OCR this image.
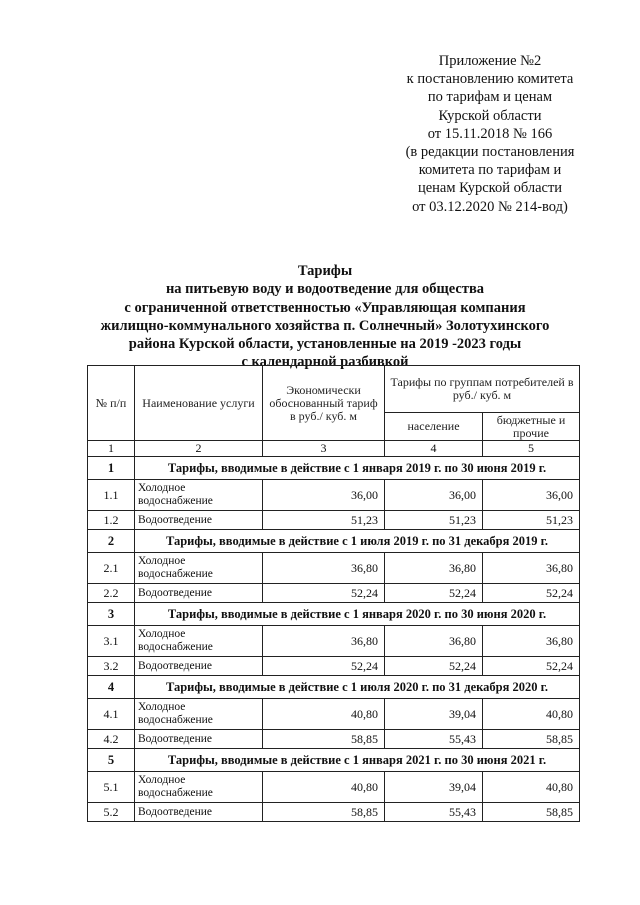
Приложение №2
к постановлению комитета
по тарифам и ценам
Курской области
от 15.11.2018 № 166
(в редакции постановления
комитета по тарифам и
ценам Курской области
от 03.12.2020 № 214-вод)
Тарифы
на питьевую воду и водоотведение для общества
с ограниченной ответственностью «Управляющая компания
жилищно-коммунального хозяйства п. Солнечный» Золотухинского
района Курской области, установленные на 2019 -2023 годы
с календарной разбивкой
№ п/п	Наименование услуги	Экономически обоснованный тариф в руб./ куб. м	Тарифы по группам потребителей в руб./ куб. м	
			население	бюджетные и прочие
1	2	3	4	5
1	Тарифы, вводимые в действие с 1 января 2019 г. по 30 июня 2019 г.			
1.1	Холодное водоснабжение	36,00	36,00	36,00
1.2	Водоотведение	51,23	51,23	51,23
2	Тарифы, вводимые в действие с 1 июля 2019 г. по 31 декабря 2019 г.			
2.1	Холодное водоснабжение	36,80	36,80	36,80
2.2	Водоотведение	52,24	52,24	52,24
3	Тарифы, вводимые в действие с 1 января 2020 г. по 30 июня 2020 г.			
3.1	Холодное водоснабжение	36,80	36,80	36,80
3.2	Водоотведение	52,24	52,24	52,24
4	Тарифы, вводимые в действие с 1 июля 2020 г. по 31 декабря 2020 г.			
4.1	Холодное водоснабжение	40,80	39,04	40,80
4.2	Водоотведение	58,85	55,43	58,85
5	Тарифы, вводимые в действие с 1 января 2021 г. по 30 июня 2021 г.			
5.1	Холодное водоснабжение	40,80	39,04	40,80
5.2	Водоотведение	58,85	55,43	58,85
